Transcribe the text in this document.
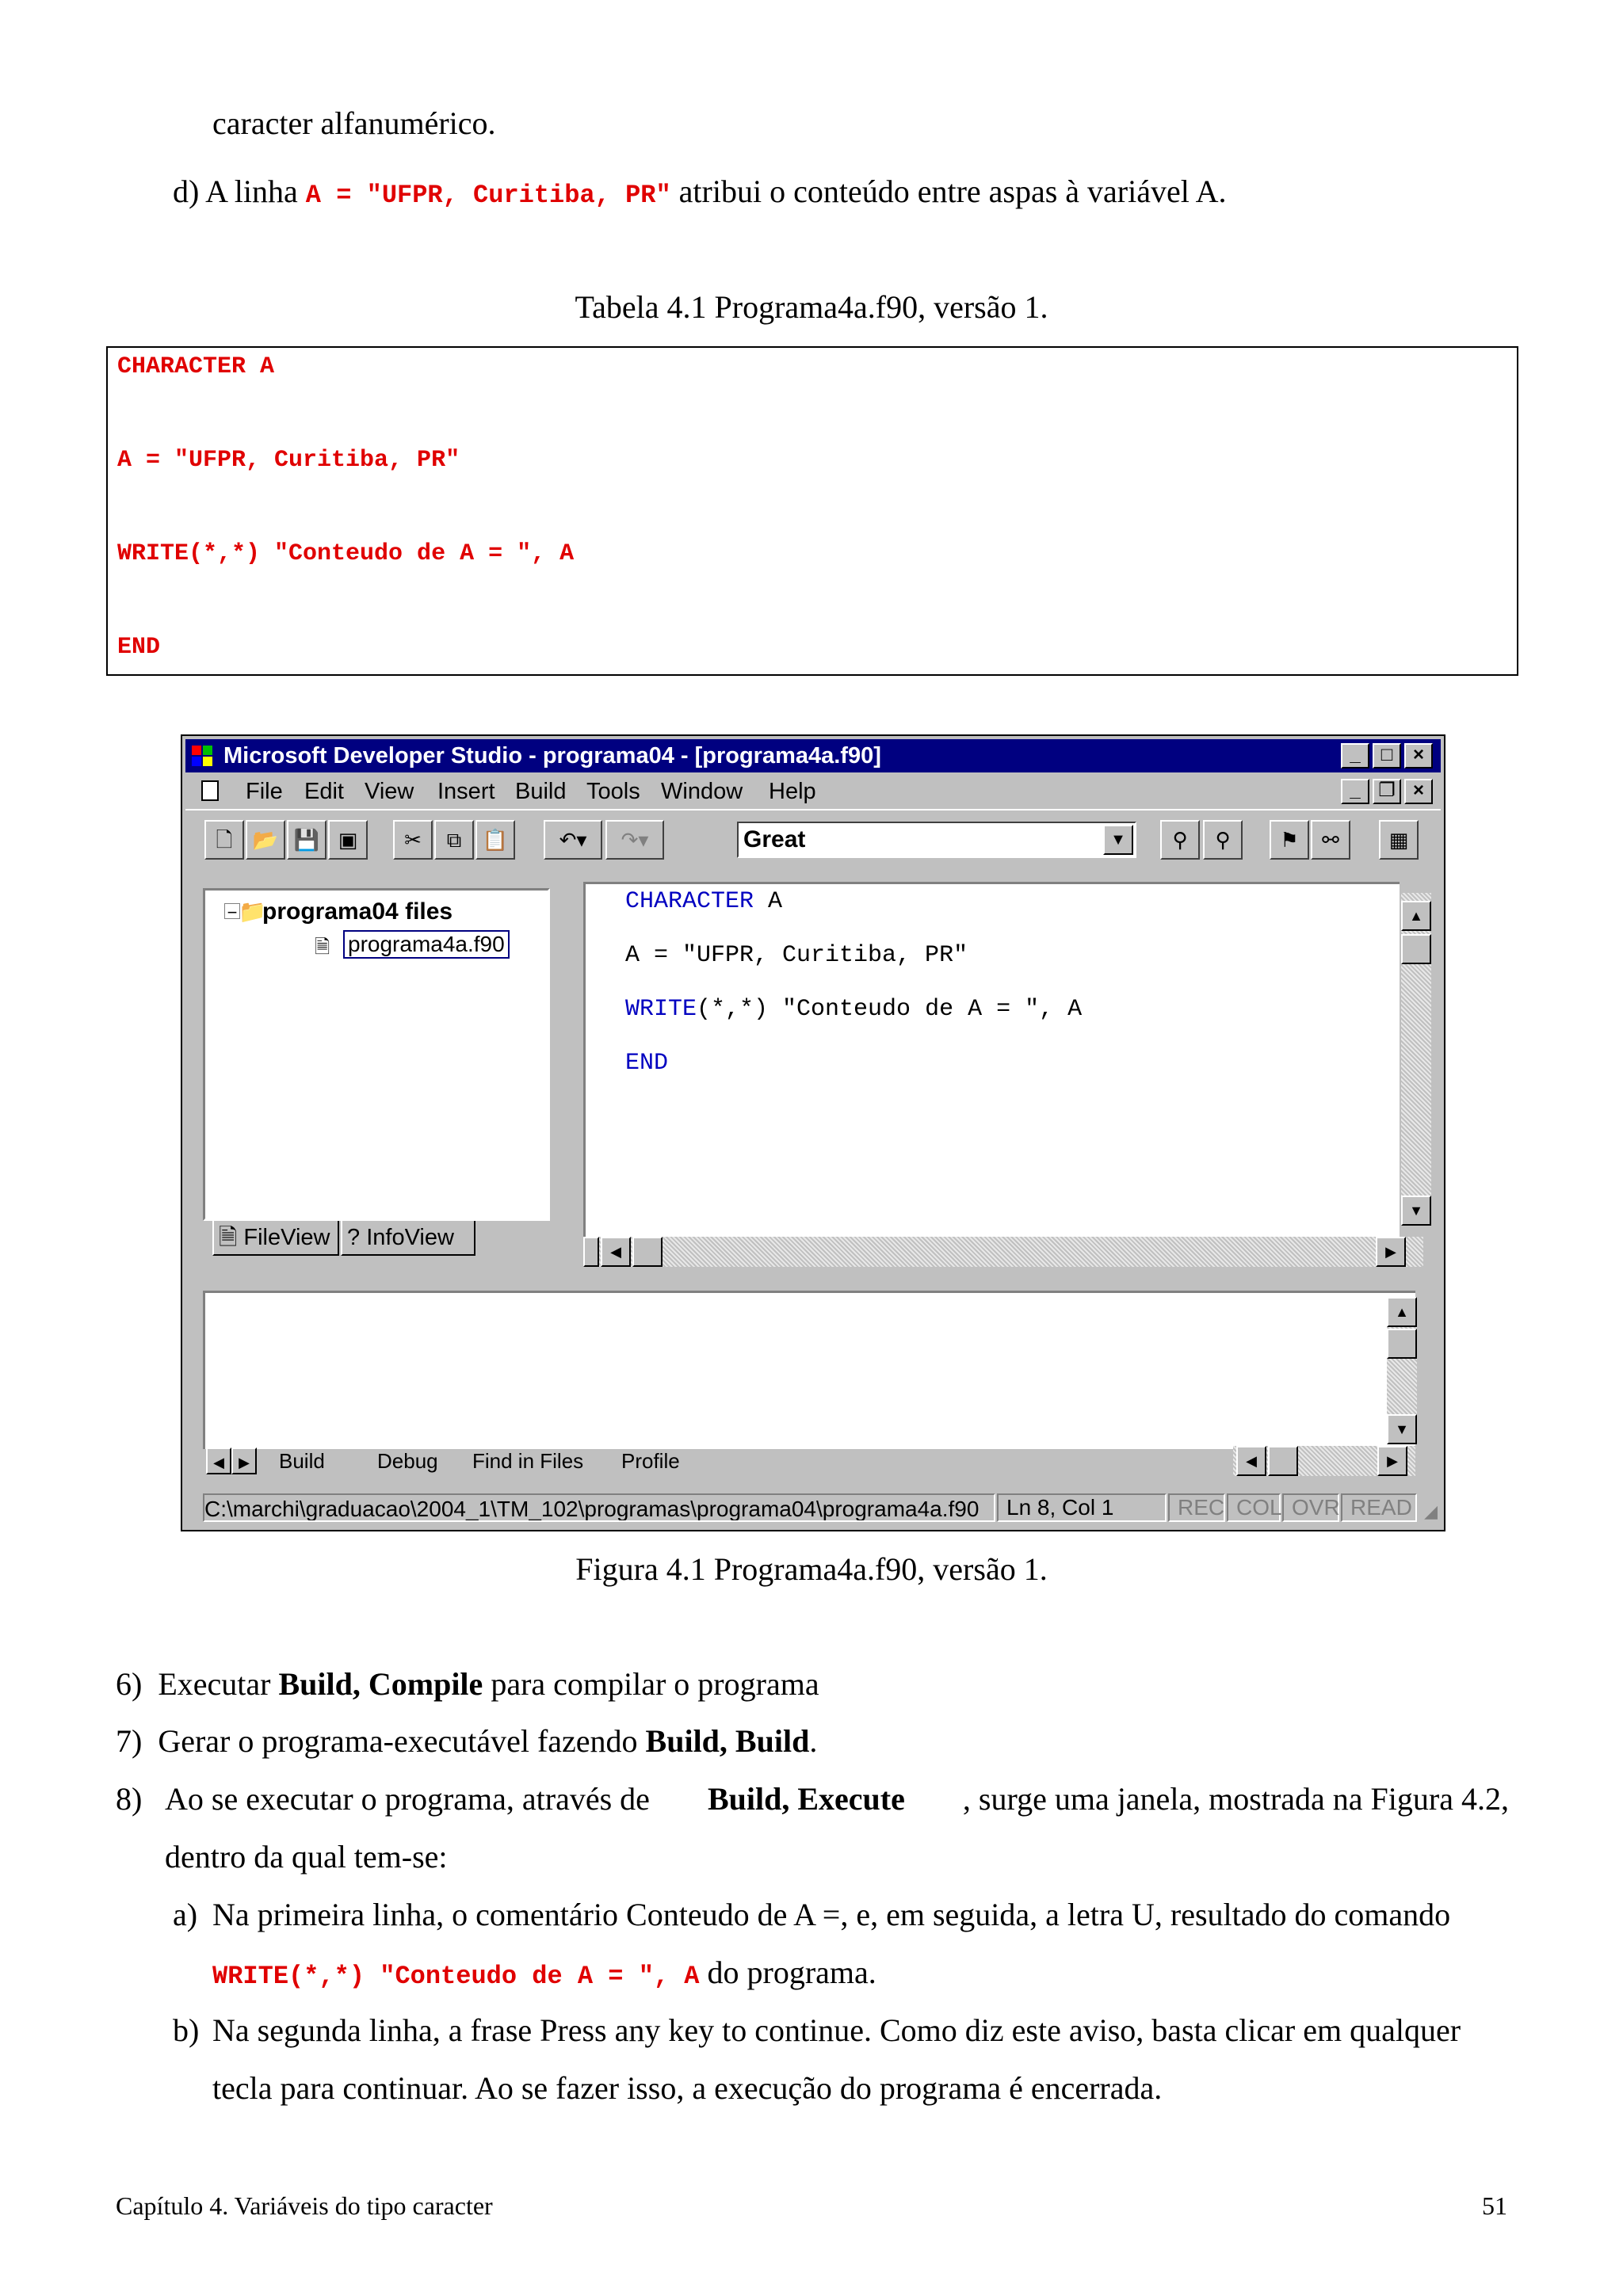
caracter alfanumérico.
d) A linha A = "UFPR, Curitiba, PR" atribui o conteúdo entre aspas à variável A.
Tabela 4.1 Programa4a.f90, versão 1.
CHARACTER A
A = "UFPR, Curitiba, PR"
WRITE(*,*) "Conteudo de A = ", A
END
Microsoft Developer Studio - programa04 - [programa4a.f90]	_	□	×
File Edit View Insert Build Tools Window Help	_ ❐ ×
🗋 📂 💾 ▣	✂	⧉	📋	↶▾	↷▾	Great	▼	⚲	⚲	⚑	⚯	▦
− 📁
programa04 files
🗎 programa4a.f90
🗎 FileView ? InfoView
CHARACTER A
A = "UFPR, Curitiba, PR"
WRITE(*,*) "Conteudo de A = ", A
END
▲
▼
◀	▶
▲
▼
◀	▶	Build	Debug Find in Files Profile	◀	▶
C:\marchi\graduacao\2004_1\TM_102\programas\programa04\programa4a.f90	Ln 8, Col 1	REC COL OVR READ ◢
Figura 4.1 Programa4a.f90, versão 1.
6) Executar Build, Compile para compilar o programa
7) Gerar o programa-executável fazendo Build, Build.
8) Ao se executar o programa, através de Build, Execute , surge uma janela, mostrada na Figura 4.2,
dentro da qual tem-se:
a) Na primeira linha, o comentário Conteudo de A =, e, em seguida, a letra U, resultado do comando
WRITE(*,*) "Conteudo de A = ", A do programa.
b) Na segunda linha, a frase Press any key to continue. Como diz este aviso, basta clicar em qualquer
tecla para continuar. Ao se fazer isso, a execução do programa é encerrada.
Capítulo 4. Variáveis do tipo caracter	51
